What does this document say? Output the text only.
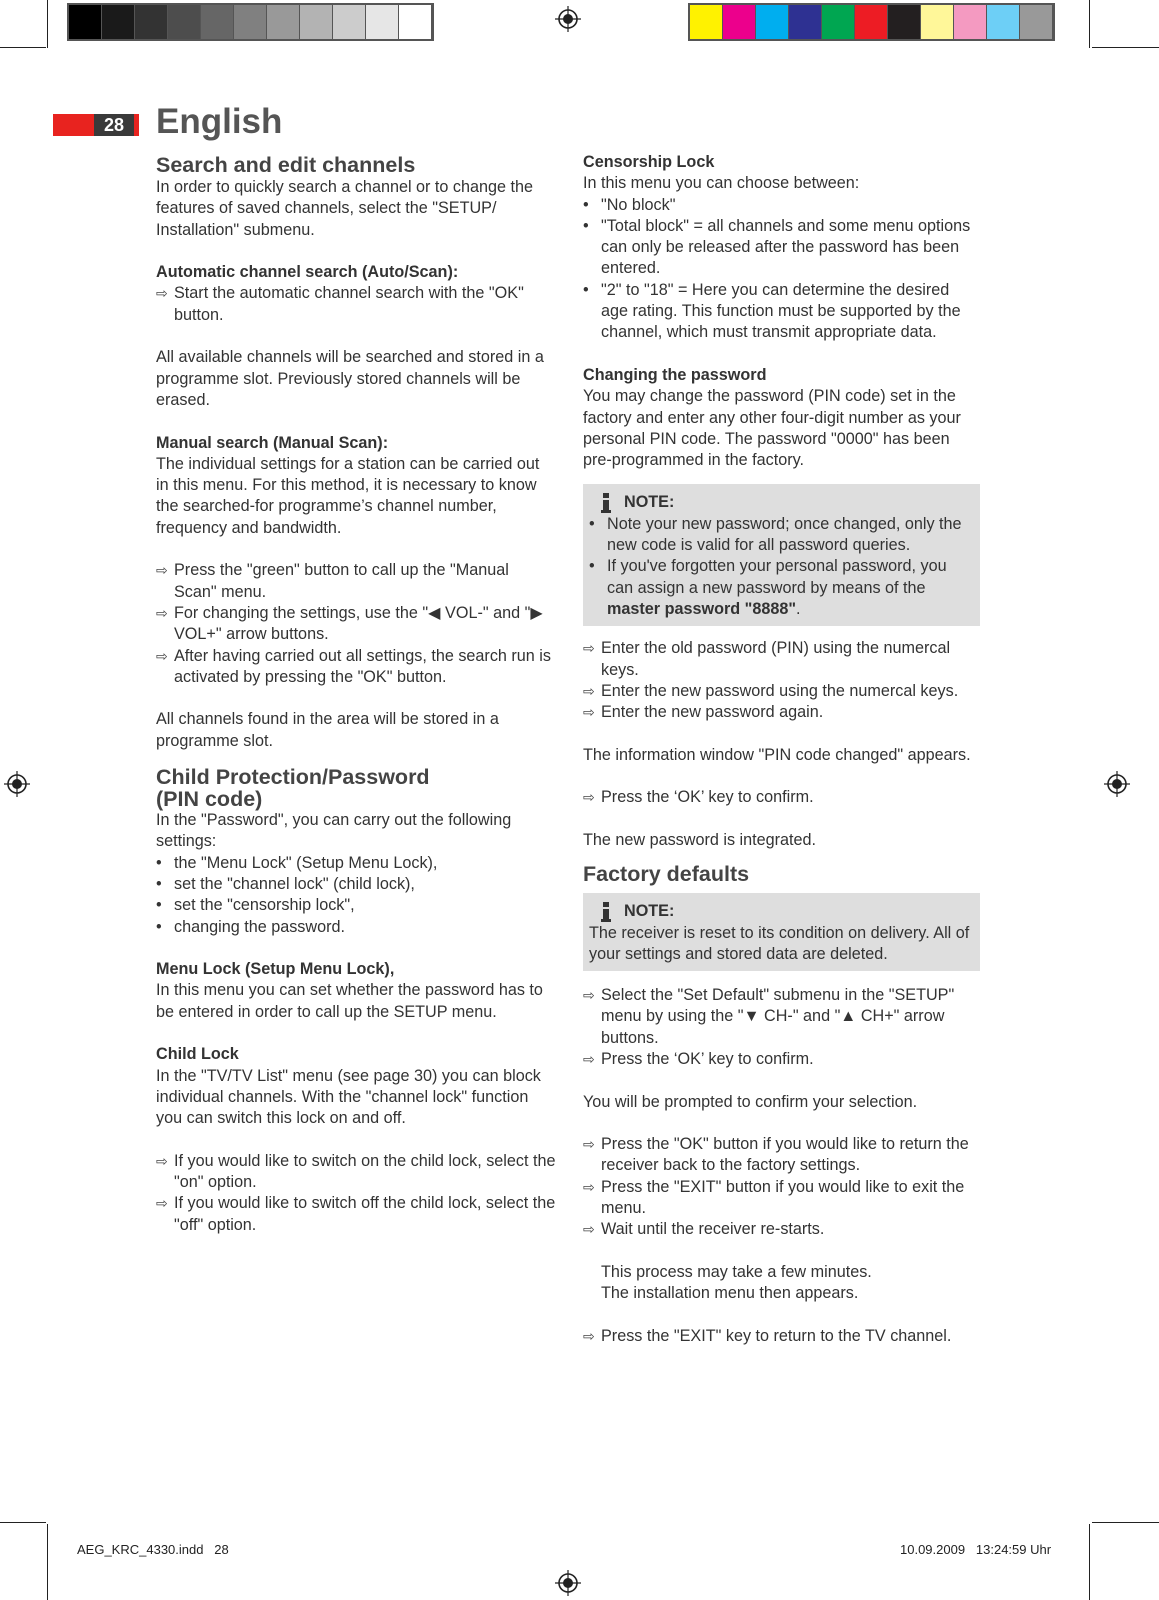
28 English

Search and edit channels

In order to quickly search a channel or to change the features of saved channels, select the "SETUP/ Installation" submenu.

Automatic channel search (Auto/Scan):

⇨ Start the automatic channel search with the "OK" button.

All available channels will be searched and stored in a programme slot. Previously stored channels will be erased.

Manual search (Manual Scan):

The individual settings for a station can be carried out in this menu. For this method, it is necessary to know the searched-for programme’s channel number, frequency and bandwidth.

⇨ Press the "green" button to call up the "Manual Scan" menu.
⇨ For changing the settings, use the "◀ VOL-" and "▶ VOL+" arrow buttons.
⇨ After having carried out all settings, the search run is activated by pressing the "OK" button.

All channels found in the area will be stored in a programme slot.

Child Protection/Password

(PIN code)

In the "Password", you can carry out the following settings:

• the "Menu Lock" (Setup Menu Lock),
• set the "channel lock" (child lock),
• set the "censorship lock",
• changing the password.

Menu Lock (Setup Menu Lock),

In this menu you can set whether the password has to be entered in order to call up the SETUP menu.

Child Lock

In the "TV/TV List" menu (see page 30) you can block individual channels. With the "channel lock" function you can switch this lock on and off.

⇨ If you would like to switch on the child lock, select the "on" option.
⇨ If you would like to switch off the child lock, select the "off" option.

Censorship Lock

In this menu you can choose between:

• "No block"
• "Total block" = all channels and some menu options can only be released after the password has been entered.
• "2" to "18" = Here you can determine the desired age rating. This function must be supported by the channel, which must transmit appropriate data.

Changing the password

You may change the password (PIN code) set in the factory and enter any other four-digit number as your personal PIN code. The password "0000" has been pre-programmed in the factory.

NOTE:
• Note your new password; once changed, only the new code is valid for all password queries.
• If you've forgotten your personal password, you can assign a new password by means of the master password "8888".
⇨ Enter the old password (PIN) using the numercal keys.
⇨ Enter the new password using the numercal keys.
⇨ Enter the new password again.

The information window "PIN code changed" appears.

⇨ Press the ‘OK’ key to confirm.

The new password is integrated.

Factory defaults

NOTE:

The receiver is reset to its condition on delivery. All of your settings and stored data are deleted.

⇨ Select the "Set Default" submenu in the "SETUP" menu by using the "▼ CH-" and "▲ CH+" arrow buttons.
⇨ Press the ‘OK’ key to confirm.

You will be prompted to confirm your selection.

⇨ Press the "OK" button if you would like to return the receiver back to the factory settings.
⇨ Press the "EXIT" button if you would like to exit the menu.
⇨ Wait until the receiver re-starts.

This process may take a few minutes.

The installation menu then appears.

⇨ Press the "EXIT" key to return to the TV channel.
AEG_KRC_4330.indd   28	10.09.2009   13:24:59 Uhr
